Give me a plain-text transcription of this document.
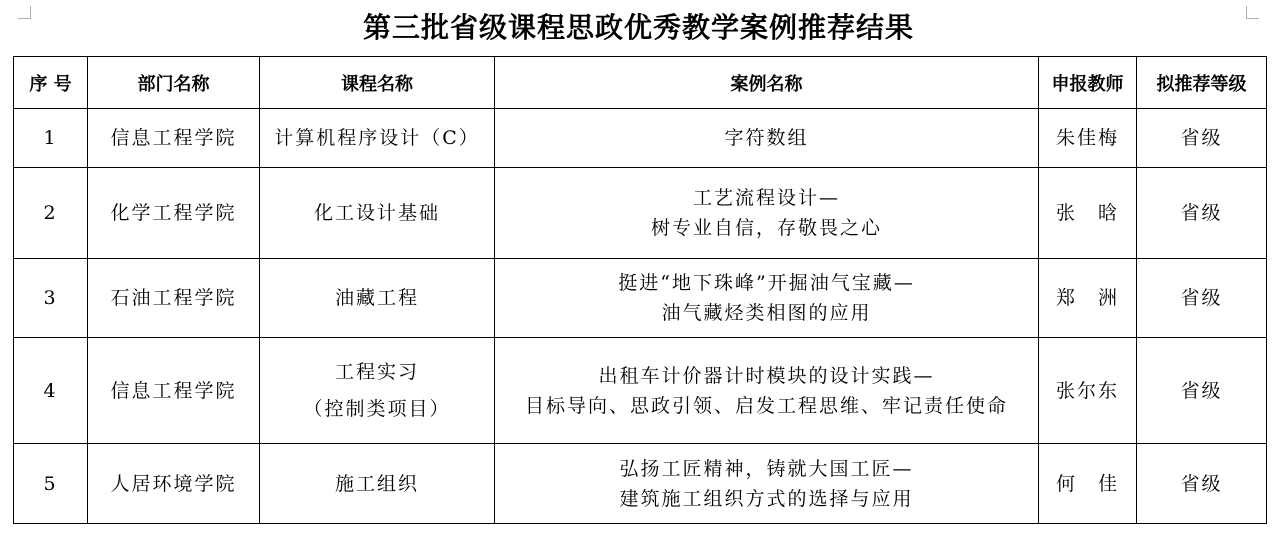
第三批省级课程思政优秀教学案例推荐结果
序 号	部门名称	课程名称	案例名称	申报教师	拟推荐等级
1	信息工程学院	计算机程序设计（C）	字符数组	朱佳梅	省级
2	化学工程学院	化工设计基础	工艺流程设计—
树专业自信，存敬畏之心	张　晗	省级
3	石油工程学院	油藏工程	挺进“地下珠峰”开掘油气宝藏—
油气藏烃类相图的应用	郑　洲	省级
4	信息工程学院	工程实习
（控制类项目）	出租车计价器计时模块的设计实践—
目标导向、思政引领、启发工程思维、牢记责任使命	张尔东	省级
5	人居环境学院	施工组织	弘扬工匠精神，铸就大国工匠—
建筑施工组织方式的选择与应用	何　佳	省级
